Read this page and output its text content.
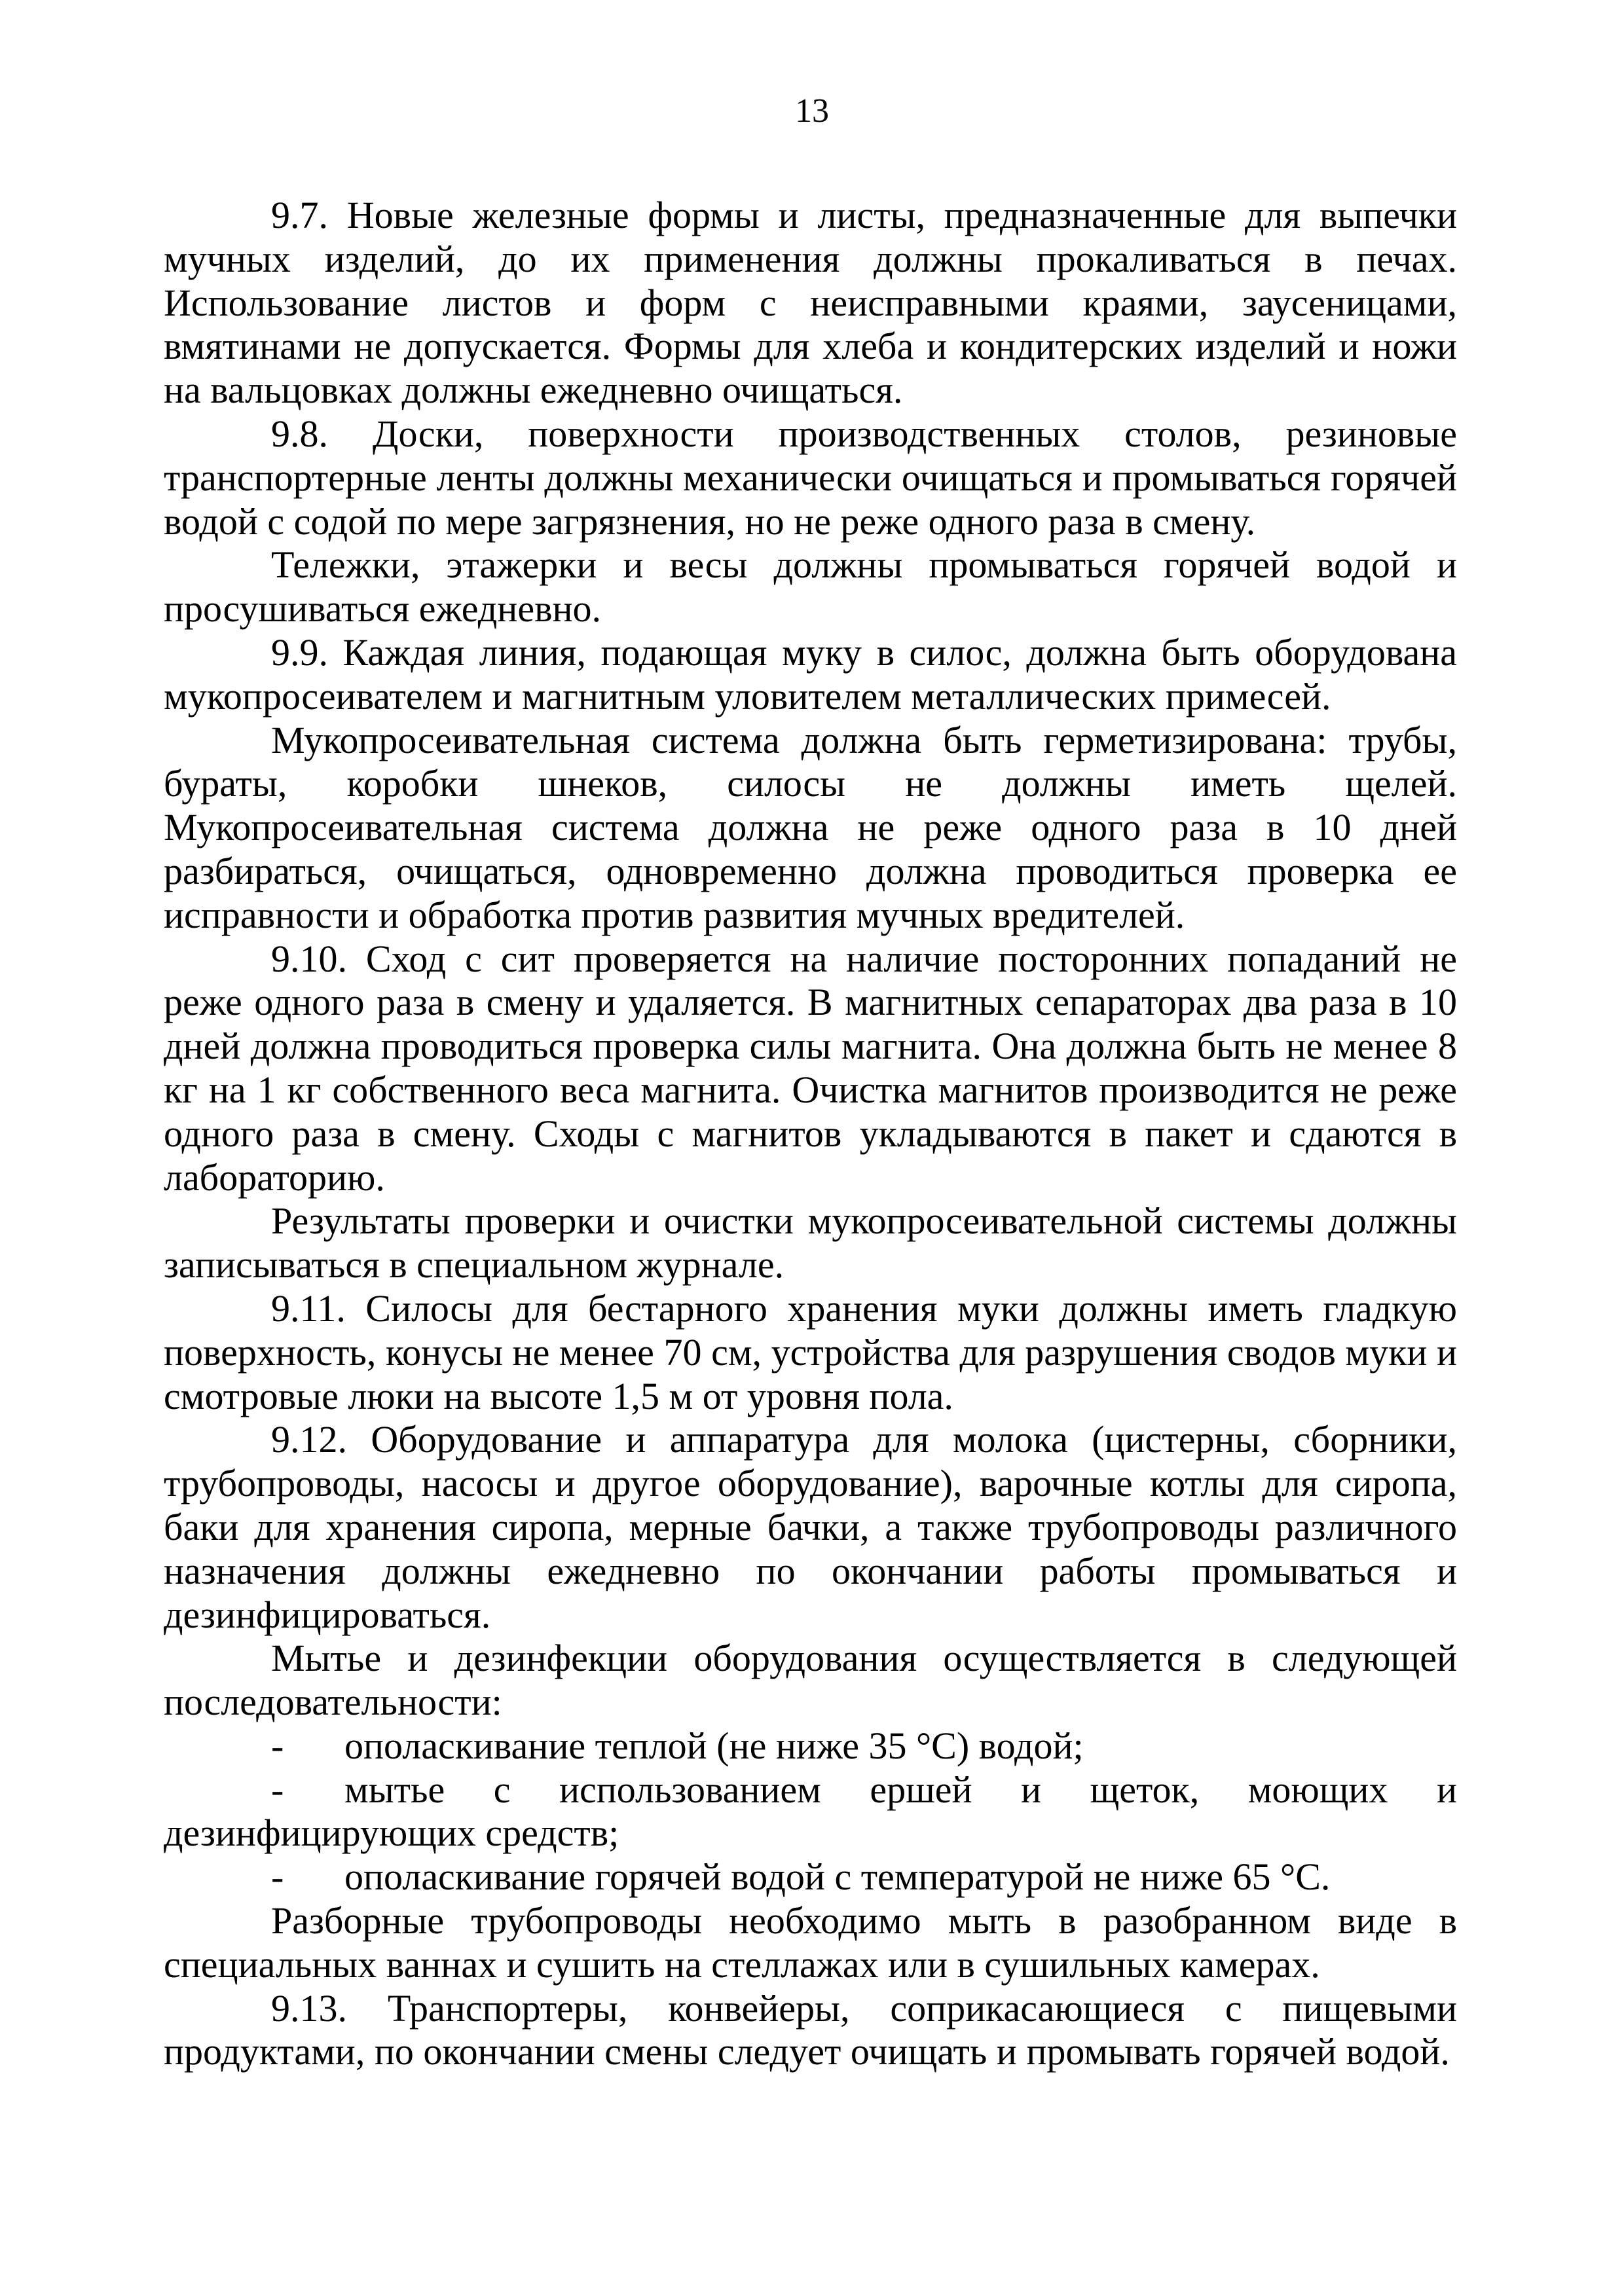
13

9.7. Новые железные формы и листы, предназначенные для выпечки мучных изделий, до их применения должны прокаливаться в печах. Использование листов и форм с неисправными краями, заусеницами, вмятинами не допускается. Формы для хлеба и кондитерских изделий и ножи на вальцовках должны ежедневно очищаться.

9.8. Доски, поверхности производственных столов, резиновые транспортерные ленты должны механически очищаться и промываться горячей водой с содой по мере загрязнения, но не реже одного раза в смену.

Тележки, этажерки и весы должны промываться горячей водой и просушиваться ежедневно.

9.9. Каждая линия, подающая муку в силос, должна быть оборудована мукопросеивателем и магнитным уловителем металлических примесей.

Мукопросеивательная система должна быть герметизирована: трубы, бураты, коробки шнеков, силосы не должны иметь щелей. Мукопросеивательная система должна не реже одного раза в 10 дней разбираться, очищаться, одновременно должна проводиться проверка ее исправности и обработка против развития мучных вредителей.

9.10. Сход с сит проверяется на наличие посторонних попаданий не реже одного раза в смену и удаляется. В магнитных сепараторах два раза в 10 дней должна проводиться проверка силы магнита. Она должна быть не менее 8 кг на 1 кг собственного веса магнита. Очистка магнитов производится не реже одного раза в смену. Сходы с магнитов укладываются в пакет и сдаются в лабораторию.

Результаты проверки и очистки мукопросеивательной системы должны записываться в специальном журнале.

9.11. Силосы для бестарного хранения муки должны иметь гладкую поверхность, конусы не менее 70 см, устройства для разрушения сводов муки и смотровые люки на высоте 1,5 м от уровня пола.

9.12. Оборудование и аппаратура для молока (цистерны, сборники, трубопроводы, насосы и другое оборудование), варочные котлы для сиропа, баки для хранения сиропа, мерные бачки, а также трубопроводы различного назначения должны ежедневно по окончании работы промываться и дезинфицироваться.

Мытье и дезинфекции оборудования осуществляется в следующей последовательности:

- ополаскивание теплой (не ниже 35 °С) водой;

- мытье с использованием ершей и щеток, моющих и дезинфицирующих средств;

- ополаскивание горячей водой с температурой не ниже 65 °С.

Разборные трубопроводы необходимо мыть в разобранном виде в специальных ваннах и сушить на стеллажах или в сушильных камерах.

9.13. Транспортеры, конвейеры, соприкасающиеся с пищевыми продуктами, по окончании смены следует очищать и промывать горячей водой.
